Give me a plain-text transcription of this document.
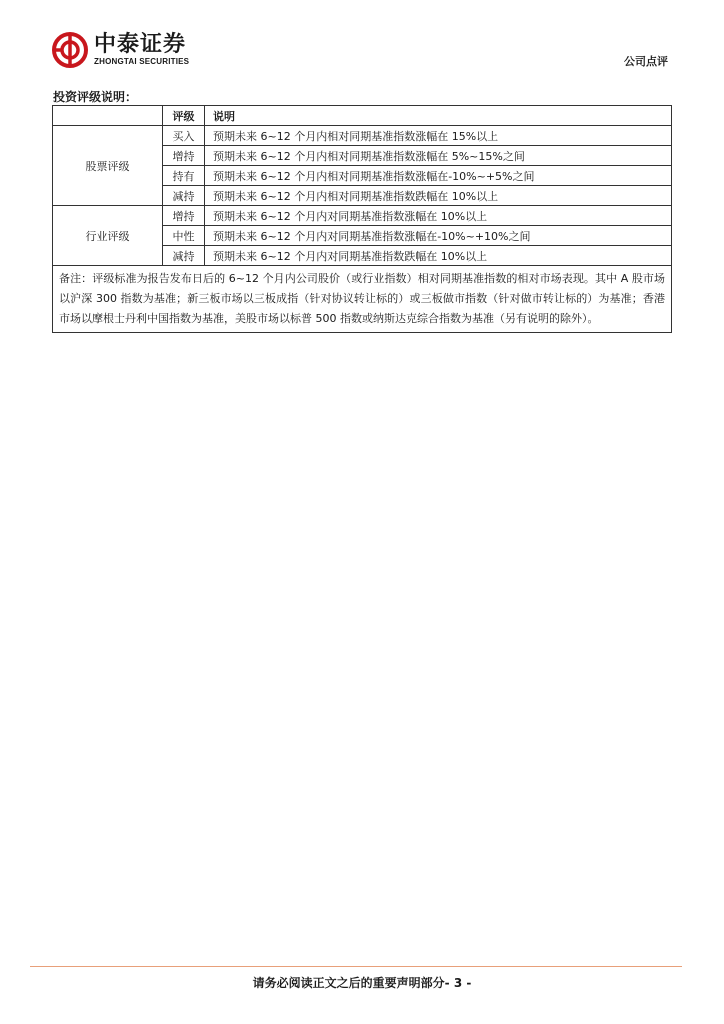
中泰证券
ZHONGTAI SECURITIES	公司点评
投资评级说明：
	评级	说明
股票评级	买入	预期未来 6~12 个月内相对同期基准指数涨幅在 15%以上
	增持	预期未来 6~12 个月内相对同期基准指数涨幅在 5%~15%之间
	持有	预期未来 6~12 个月内相对同期基准指数涨幅在-10%~+5%之间
	减持	预期未来 6~12 个月内相对同期基准指数跌幅在 10%以上
行业评级	增持	预期未来 6~12 个月内对同期基准指数涨幅在 10%以上
	中性	预期未来 6~12 个月内对同期基准指数涨幅在-10%~+10%之间
	减持	预期未来 6~12 个月内对同期基准指数跌幅在 10%以上
备注：评级标准为报告发布日后的 6~12 个月内公司股价（或行业指数）相对同期基准指数的相对市场表现。其中 A 股市场以沪深 300 指数为基准；新三板市场以三板成指（针对协议转让标的）或三板做市指数（针对做市转让标的）为基准；香港市场以摩根士丹利中国指数为基准，美股市场以标普 500 指数或纳斯达克综合指数为基准（另有说明的除外）。		
请务必阅读正文之后的重要声明部分- 3 -
